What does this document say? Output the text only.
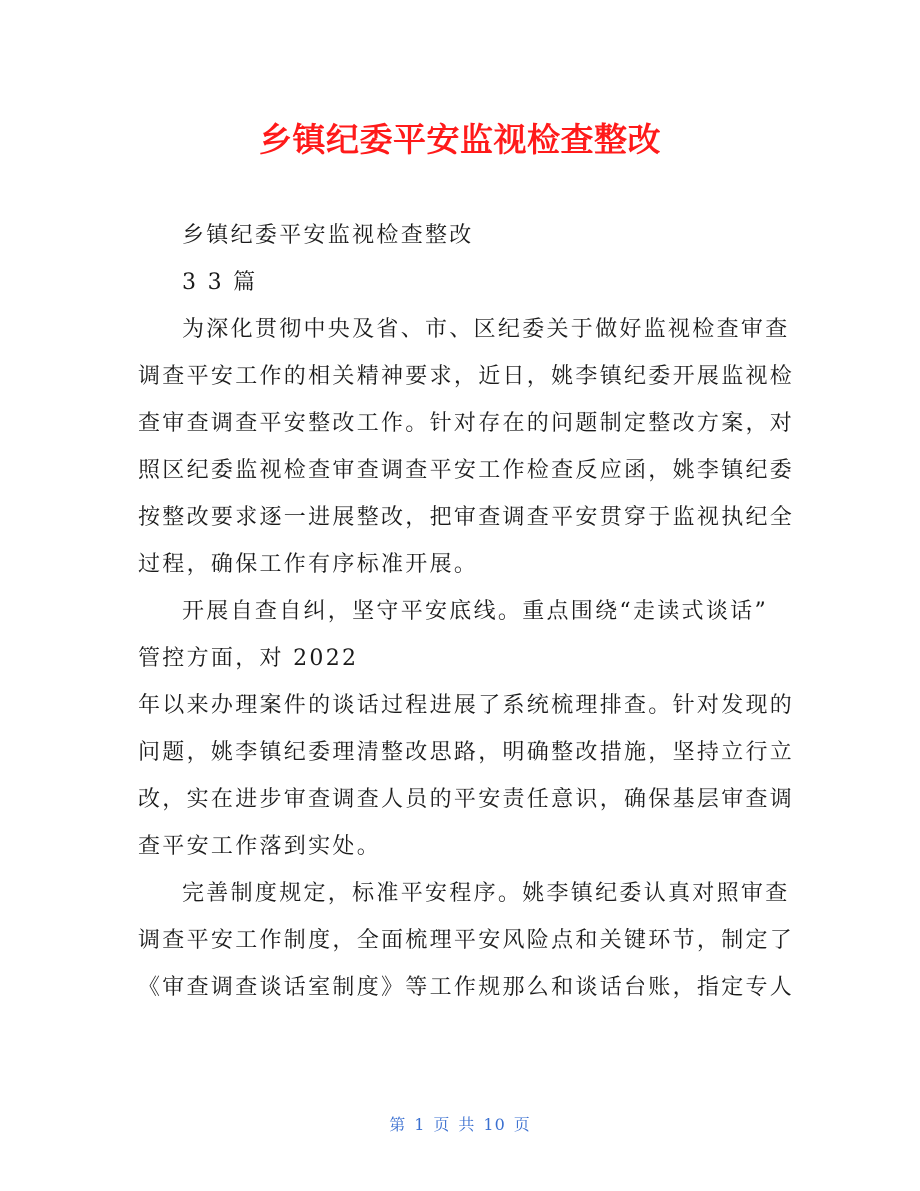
乡镇纪委平安监视检查整改
乡镇纪委平安监视检查整改
3 3 篇
为深化贯彻中央及省、市、区纪委关于做好监视检查审查
调查平安工作的相关精神要求，近日，姚李镇纪委开展监视检
查审查调查平安整改工作。针对存在的问题制定整改方案，对
照区纪委监视检查审查调查平安工作检查反应函，姚李镇纪委
按整改要求逐一进展整改，把审查调查平安贯穿于监视执纪全
过程，确保工作有序标准开展。
开展自查自纠，坚守平安底线。重点围绕“走读式谈话”
管控方面，对 2022
年以来办理案件的谈话过程进展了系统梳理排查。针对发现的
问题，姚李镇纪委理清整改思路，明确整改措施，坚持立行立
改，实在进步审查调查人员的平安责任意识，确保基层审查调
查平安工作落到实处。
完善制度规定，标准平安程序。姚李镇纪委认真对照审查
调查平安工作制度，全面梳理平安风险点和关键环节，制定了
《审查调查谈话室制度》等工作规那么和谈话台账，指定专人
第 1 页 共 10 页
